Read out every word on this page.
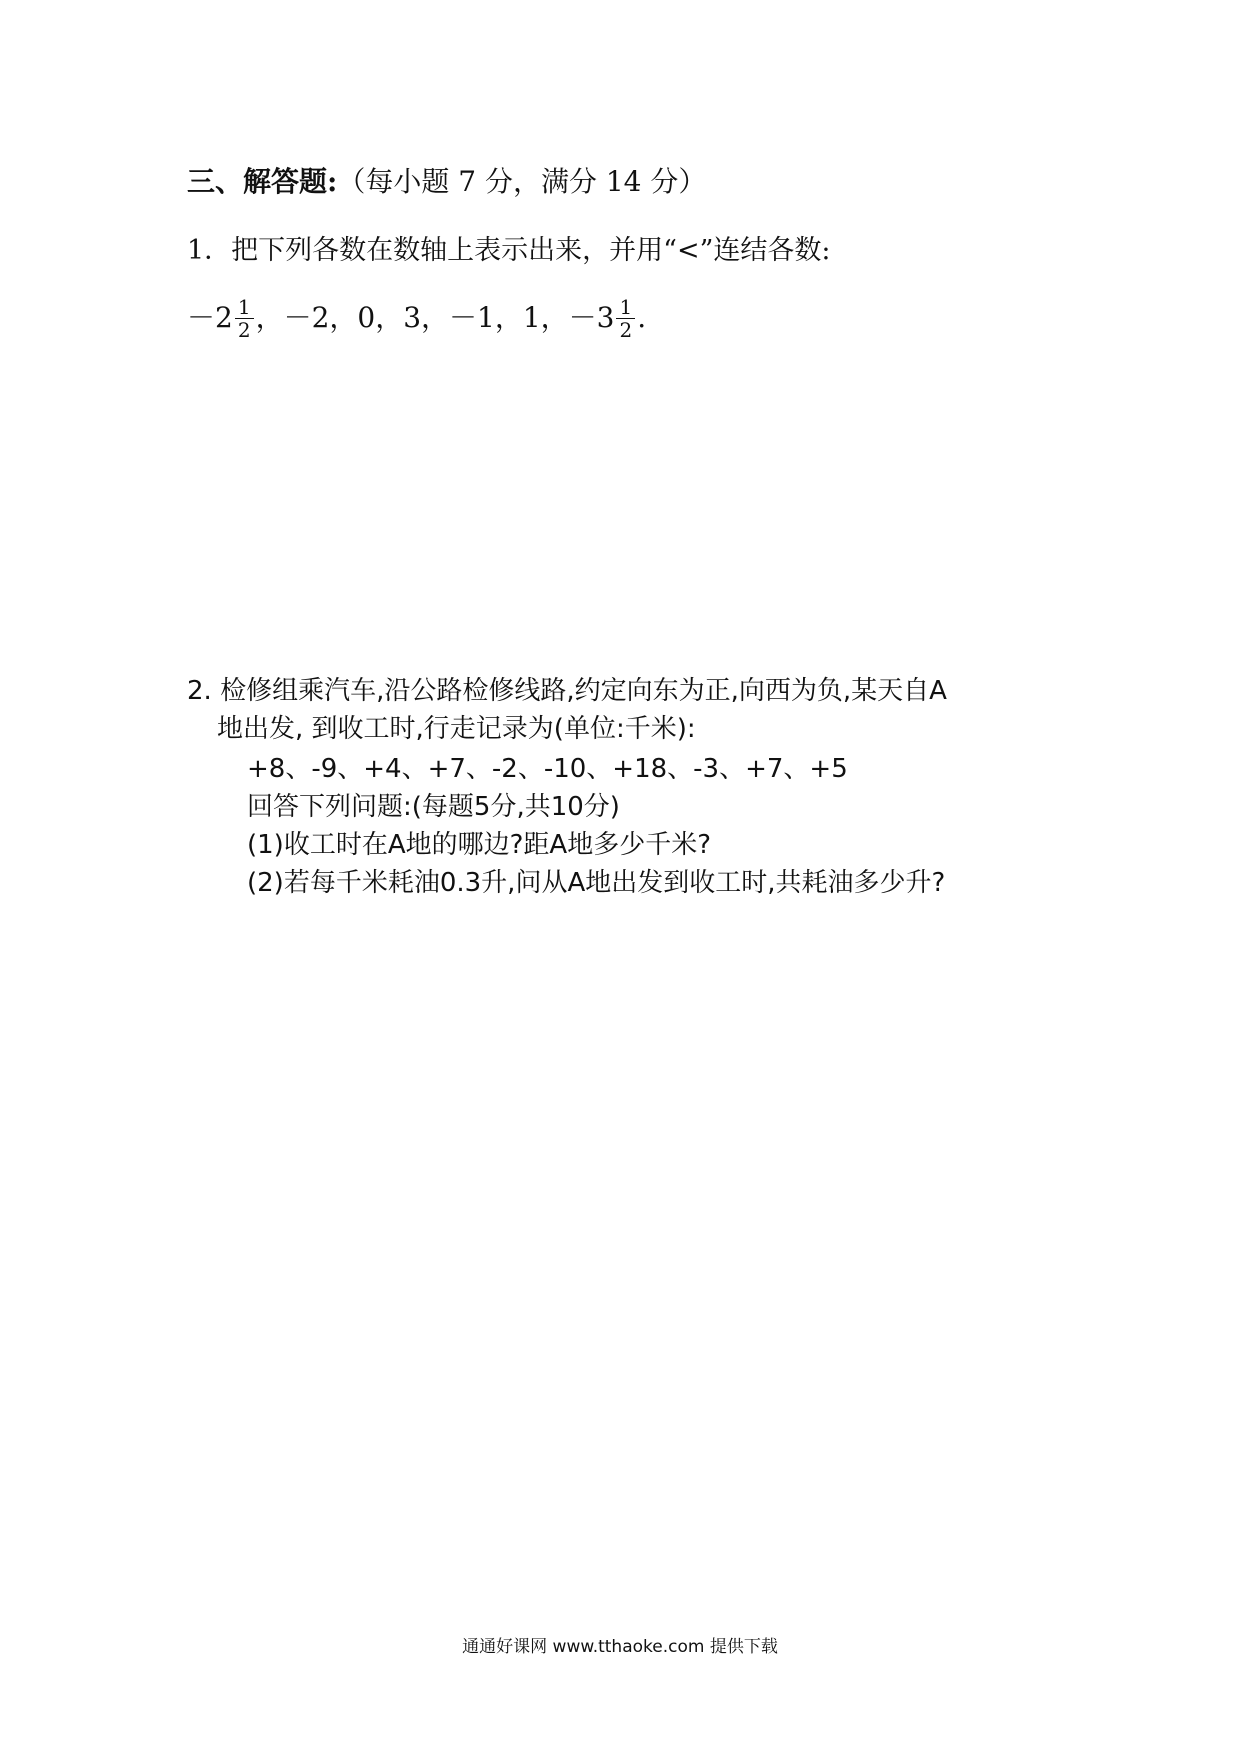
三、解答题:（每小题 7 分，满分 14 分）
1．把下列各数在数轴上表示出来，并用“<”连结各数:
$-2 \frac{1}{2}$ ，－2，0，3，－1，1， $-3 \frac{1}{2}$ .
2. 检修组乘汽车,沿公路检修线路,约定向东为正,向西为负,某天自A
地出发, 到收工时,行走记录为(单位:千米):
+8、-9、+4、+7、-2、-10、+18、-3、+7、+5
回答下列问题:(每题5分,共10分)
(1)收工时在A地的哪边?距A地多少千米?
(2)若每千米耗油0.3升,问从A地出发到收工时,共耗油多少升?
通通好课网 www.tthaoke.com 提供下载
